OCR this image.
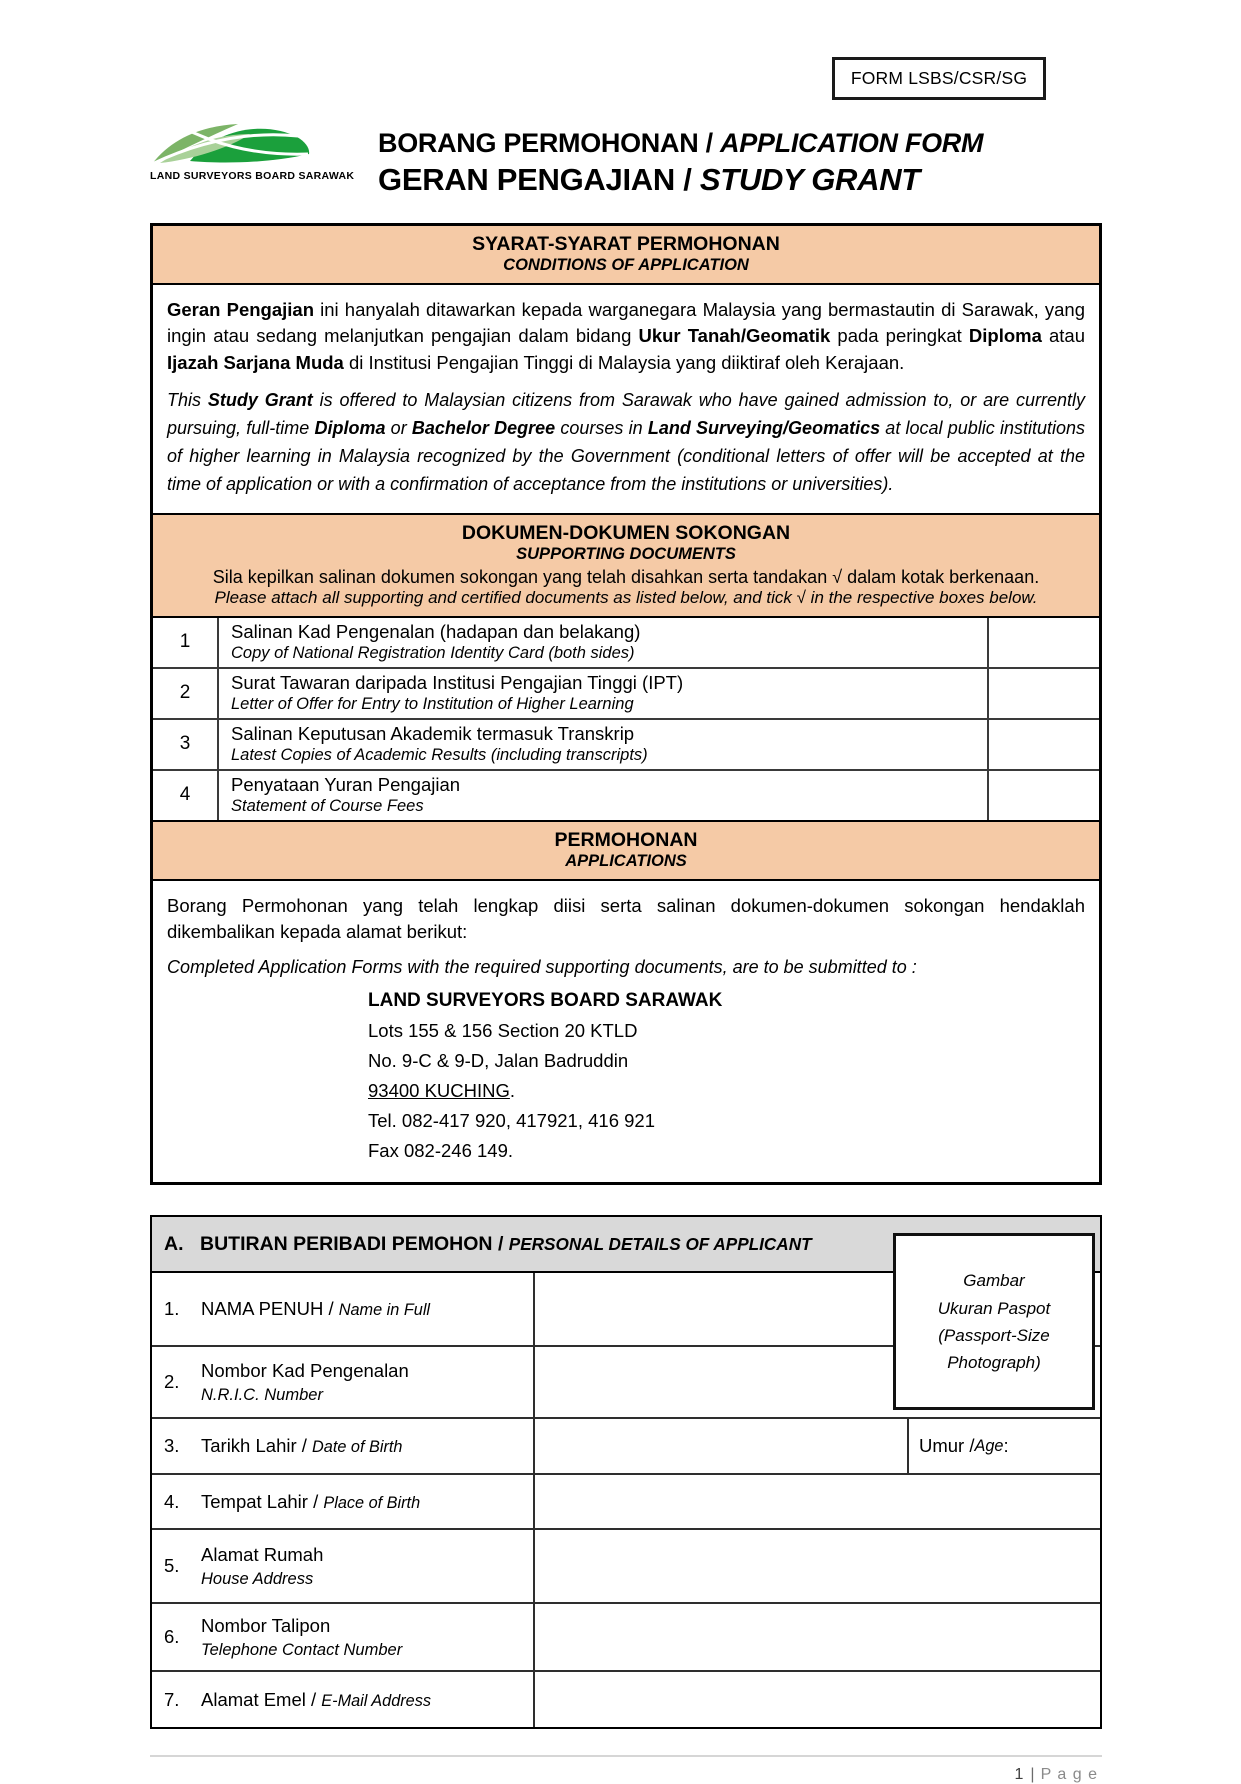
FORM LSBS/CSR/SG
LAND SURVEYORS BOARD SARAWAK
BORANG PERMOHONAN / APPLICATION FORM
GERAN PENGAJIAN / STUDY GRANT
SYARAT-SYARAT PERMOHONAN
CONDITIONS OF APPLICATION

Geran Pengajian ini hanyalah ditawarkan kepada warganegara Malaysia yang bermastautin di Sarawak, yang ingin atau sedang melanjutkan pengajian dalam bidang Ukur Tanah/Geomatik pada peringkat Diploma atau Ijazah Sarjana Muda di Institusi Pengajian Tinggi di Malaysia yang diiktiraf oleh Kerajaan.

This Study Grant is offered to Malaysian citizens from Sarawak who have gained admission to, or are currently pursuing, full-time Diploma or Bachelor Degree courses in Land Surveying/Geomatics at local public institutions of higher learning in Malaysia recognized by the Government (conditional letters of offer will be accepted at the time of application or with a confirmation of acceptance from the institutions or universities).

DOKUMEN-DOKUMEN SOKONGAN
SUPPORTING DOCUMENTS
Sila kepilkan salinan dokumen sokongan yang telah disahkan serta tandakan √ dalam kotak berkenaan.
Please attach all supporting and certified documents as listed below, and tick √ in the respective boxes below.
1	Salinan Kad Pengenalan (hadapan dan belakang)
Copy of National Registration Identity Card (both sides)
2	Surat Tawaran daripada Institusi Pengajian Tinggi (IPT)
Letter of Offer for Entry to Institution of Higher Learning
3	Salinan Keputusan Akademik termasuk Transkrip
Latest Copies of Academic Results (including transcripts)
4	Penyataan Yuran Pengajian
Statement of Course Fees
PERMOHONAN
APPLICATIONS

Borang Permohonan yang telah lengkap diisi serta salinan dokumen-dokumen sokongan hendaklah dikembalikan kepada alamat berikut:

Completed Application Forms with the required supporting documents, are to be submitted to :

LAND SURVEYORS BOARD SARAWAK
Lots 155 & 156 Section 20 KTLD
No. 9-C & 9-D, Jalan Badruddin
93400 KUCHING.
Tel. 082-417 920, 417921, 416 921
Fax 082-246 149.
Gambar
Ukuran Paspot
(Passport-Size
Photograph)
A. BUTIRAN PERIBADI PEMOHON / PERSONAL DETAILS OF APPLICANT
1.	NAMA PENUH / Name in Full
2.
Nombor Kad Pengenalan
N.R.I.C. Number
3.	Tarikh Lahir / Date of Birth	Umur / Age :
4.	Tempat Lahir / Place of Birth
5.
Alamat Rumah
House Address
6.
Nombor Talipon
Telephone Contact Number
7.	Alamat Emel / E-Mail Address
1 | P a g e
